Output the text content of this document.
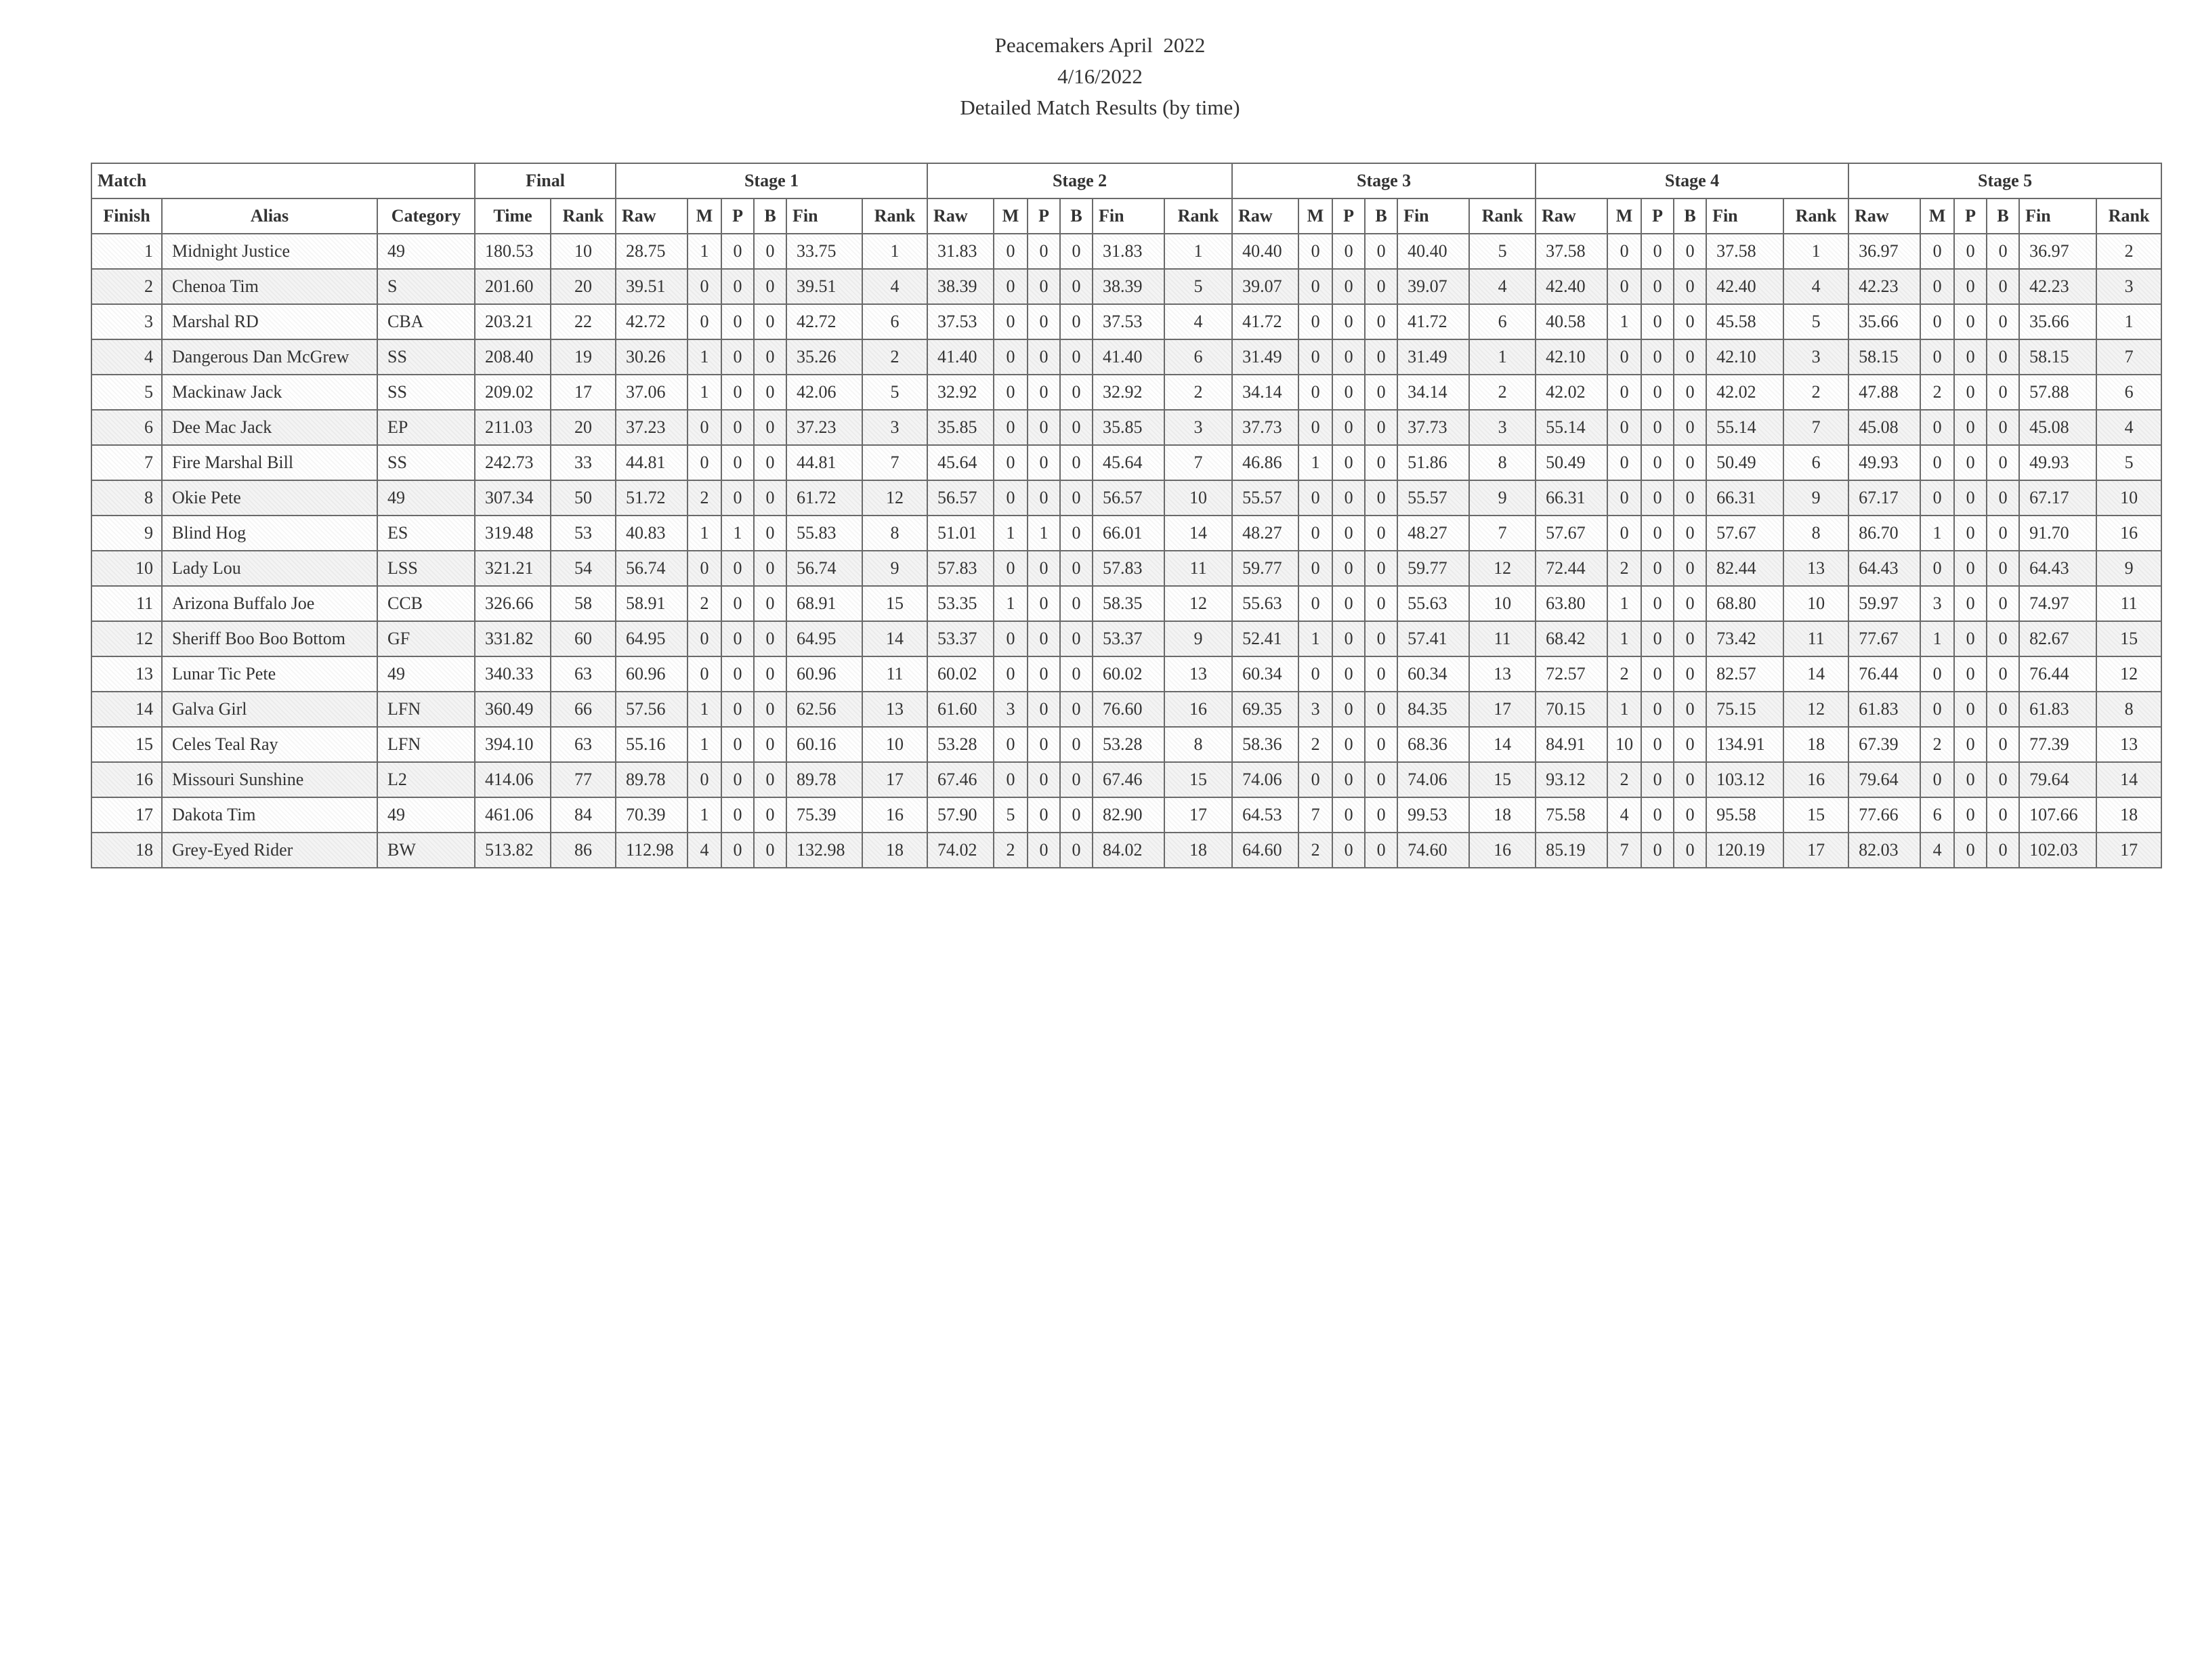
Peacemakers April  2022
4/16/2022
Detailed Match Results (by time)
Match			Final		Stage 1						Stage 2						Stage 3						Stage 4						Stage 5					
Finish	Alias	Category	Time	Rank	Raw	M	P	B	Fin	Rank	Raw	M	P	B	Fin	Rank	Raw	M	P	B	Fin	Rank	Raw	M	P	B	Fin	Rank	Raw	M	P	B	Fin	Rank
1	Midnight Justice	49	180.53	10	28.75	1	0	0	33.75	1	31.83	0	0	0	31.83	1	40.40	0	0	0	40.40	5	37.58	0	0	0	37.58	1	36.97	0	0	0	36.97	2
2	Chenoa Tim	S	201.60	20	39.51	0	0	0	39.51	4	38.39	0	0	0	38.39	5	39.07	0	0	0	39.07	4	42.40	0	0	0	42.40	4	42.23	0	0	0	42.23	3
3	Marshal RD	CBA	203.21	22	42.72	0	0	0	42.72	6	37.53	0	0	0	37.53	4	41.72	0	0	0	41.72	6	40.58	1	0	0	45.58	5	35.66	0	0	0	35.66	1
4	Dangerous Dan McGrew	SS	208.40	19	30.26	1	0	0	35.26	2	41.40	0	0	0	41.40	6	31.49	0	0	0	31.49	1	42.10	0	0	0	42.10	3	58.15	0	0	0	58.15	7
5	Mackinaw Jack	SS	209.02	17	37.06	1	0	0	42.06	5	32.92	0	0	0	32.92	2	34.14	0	0	0	34.14	2	42.02	0	0	0	42.02	2	47.88	2	0	0	57.88	6
6	Dee Mac Jack	EP	211.03	20	37.23	0	0	0	37.23	3	35.85	0	0	0	35.85	3	37.73	0	0	0	37.73	3	55.14	0	0	0	55.14	7	45.08	0	0	0	45.08	4
7	Fire Marshal Bill	SS	242.73	33	44.81	0	0	0	44.81	7	45.64	0	0	0	45.64	7	46.86	1	0	0	51.86	8	50.49	0	0	0	50.49	6	49.93	0	0	0	49.93	5
8	Okie Pete	49	307.34	50	51.72	2	0	0	61.72	12	56.57	0	0	0	56.57	10	55.57	0	0	0	55.57	9	66.31	0	0	0	66.31	9	67.17	0	0	0	67.17	10
9	Blind Hog	ES	319.48	53	40.83	1	1	0	55.83	8	51.01	1	1	0	66.01	14	48.27	0	0	0	48.27	7	57.67	0	0	0	57.67	8	86.70	1	0	0	91.70	16
10	Lady Lou	LSS	321.21	54	56.74	0	0	0	56.74	9	57.83	0	0	0	57.83	11	59.77	0	0	0	59.77	12	72.44	2	0	0	82.44	13	64.43	0	0	0	64.43	9
11	Arizona Buffalo Joe	CCB	326.66	58	58.91	2	0	0	68.91	15	53.35	1	0	0	58.35	12	55.63	0	0	0	55.63	10	63.80	1	0	0	68.80	10	59.97	3	0	0	74.97	11
12	Sheriff Boo Boo Bottom	GF	331.82	60	64.95	0	0	0	64.95	14	53.37	0	0	0	53.37	9	52.41	1	0	0	57.41	11	68.42	1	0	0	73.42	11	77.67	1	0	0	82.67	15
13	Lunar Tic Pete	49	340.33	63	60.96	0	0	0	60.96	11	60.02	0	0	0	60.02	13	60.34	0	0	0	60.34	13	72.57	2	0	0	82.57	14	76.44	0	0	0	76.44	12
14	Galva Girl	LFN	360.49	66	57.56	1	0	0	62.56	13	61.60	3	0	0	76.60	16	69.35	3	0	0	84.35	17	70.15	1	0	0	75.15	12	61.83	0	0	0	61.83	8
15	Celes Teal Ray	LFN	394.10	63	55.16	1	0	0	60.16	10	53.28	0	0	0	53.28	8	58.36	2	0	0	68.36	14	84.91	10	0	0	134.91	18	67.39	2	0	0	77.39	13
16	Missouri Sunshine	L2	414.06	77	89.78	0	0	0	89.78	17	67.46	0	0	0	67.46	15	74.06	0	0	0	74.06	15	93.12	2	0	0	103.12	16	79.64	0	0	0	79.64	14
17	Dakota Tim	49	461.06	84	70.39	1	0	0	75.39	16	57.90	5	0	0	82.90	17	64.53	7	0	0	99.53	18	75.58	4	0	0	95.58	15	77.66	6	0	0	107.66	18
18	Grey-Eyed Rider	BW	513.82	86	112.98	4	0	0	132.98	18	74.02	2	0	0	84.02	18	64.60	2	0	0	74.60	16	85.19	7	0	0	120.19	17	82.03	4	0	0	102.03	17
